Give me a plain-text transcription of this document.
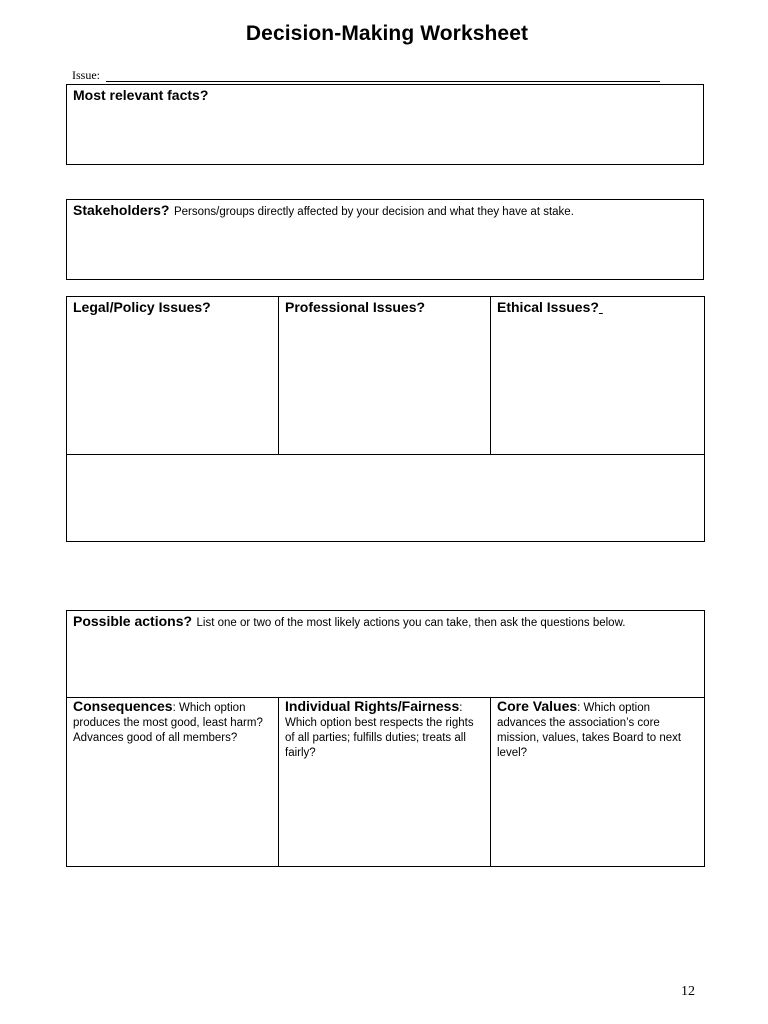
Decision-Making Worksheet
Issue:
Most relevant facts?
Stakeholders? Persons/groups directly affected by your decision and what they have at stake.
Legal/Policy Issues?	Professional Issues?	Ethical Issues?
Possible actions? List one or two of the most likely actions you can take, then ask the questions below.
Consequences: Which option produces the most good, least harm? Advances good of all members?
Individual Rights/Fairness: Which option best respects the rights of all parties; fulfills duties; treats all fairly?
Core Values: Which option advances the association’s core mission, values, takes Board to next level?
12
